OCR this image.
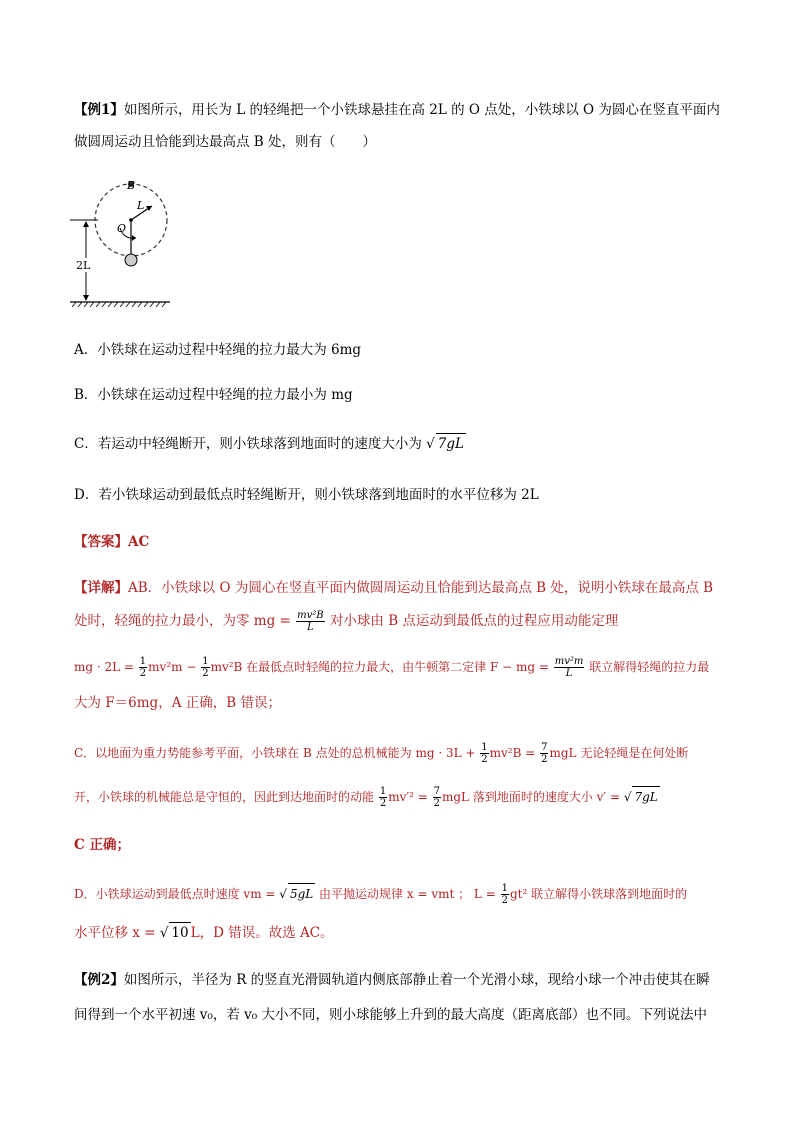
【例1】如图所示，用长为 L 的轻绳把一个小铁球悬挂在高 2L 的 O 点处，小铁球以 O 为圆心在竖直平面内
做圆周运动且恰能到达最高点 B 处，则有（　　）
B
O
L
2L
A．小铁球在运动过程中轻绳的拉力最大为 6mg
B．小铁球在运动过程中轻绳的拉力最小为 mg
C．若运动中轻绳断开，则小铁球落到地面时的速度大小为 √ 7gL
D．若小铁球运动到最低点时轻绳断开，则小铁球落到地面时的水平位移为 2L
【答案】AC
【详解】AB．小铁球以 O 为圆心在竖直平面内做圆周运动且恰能到达最高点 B 处，说明小铁球在最高点 B
处时，轻绳的拉力最小，为零 mg = $\frac{\text{mv²B}}{L}$ 对小球由 B 点运动到最低点的过程应用动能定理
mg · $2L = \frac{1}{2} mv^2m - \frac{1}{2} mv^2B$ 在最低点时轻绳的拉力最大，由牛顿第二定律 F − mg = $\frac{\text{mv²m}}{L}$ 联立解得轻绳的拉力最
大为 F＝6mg，A 正确，B 错误；
C．以地面为重力势能参考平面，小铁球在 B 点处的总机械能为 mg · $3L + \frac{1}{2} mv^2B = \frac{7}{2}$ mgL 无论轻绳是在何处断
开，小铁球的机械能总是守恒的，因此到达地面时的动能 $\frac{1}{2} mv'^2 = \frac{7}{2}$ mgL 落到地面时的速度大小 v′ = √ 7gL
C 正确；
D．小铁球运动到最低点时速度 vm = √ 5gL 由平抛运动规律 x = vmt ； $L = \frac{1}{2} gt^2$ 联立解得小铁球落到地面时的
水平位移 x = √ 10 L，D 错误。故选 AC。
【例2】如图所示，半径为 R 的竖直光滑圆轨道内侧底部静止着一个光滑小球，现给小球一个冲击使其在瞬
间得到一个水平初速 v₀，若 v₀ 大小不同，则小球能够上升到的最大高度（距离底部）也不同。下列说法中
